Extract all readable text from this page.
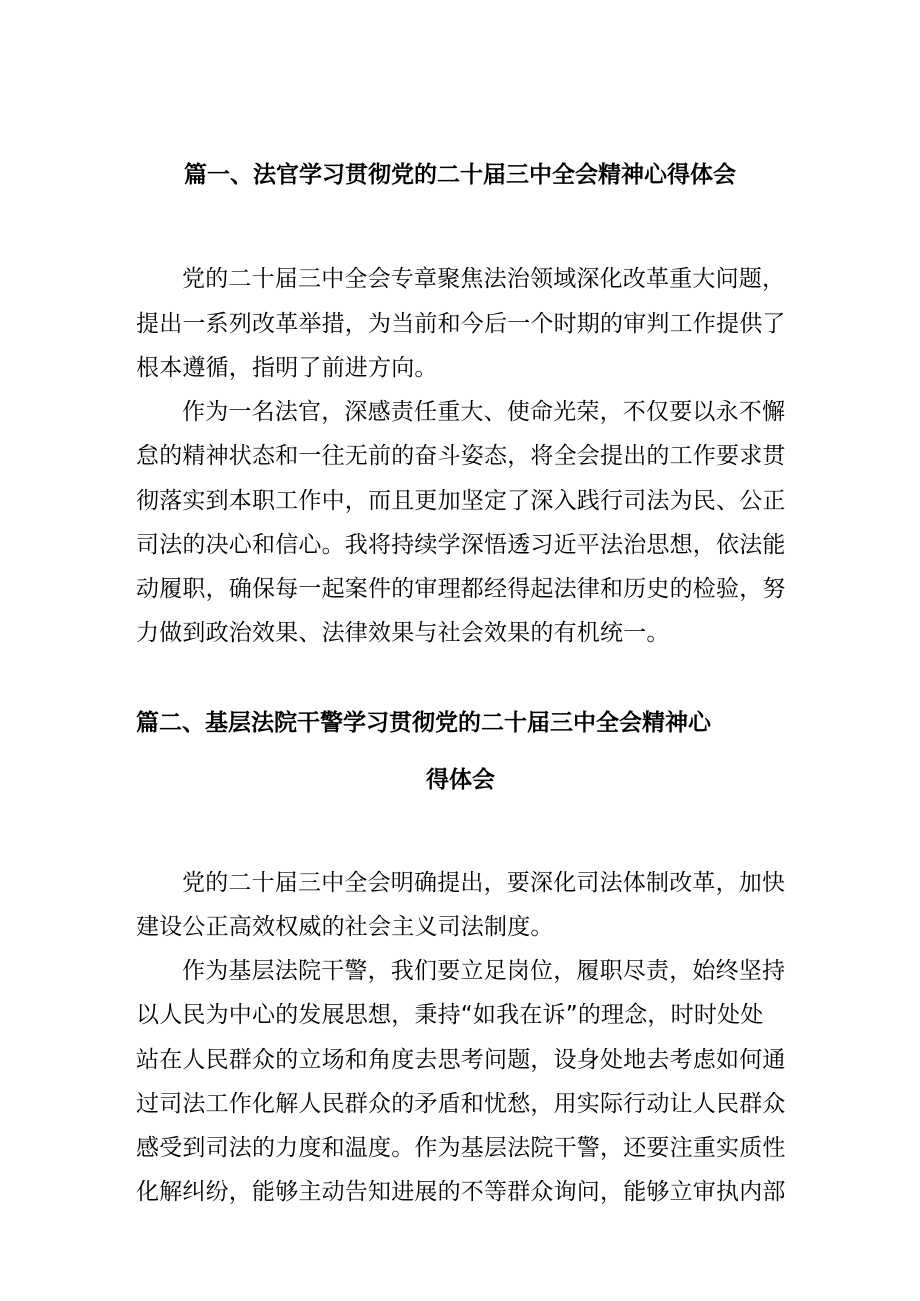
篇一、法官学习贯彻党的二十届三中全会精神心得体会
党的二十届三中全会专章聚焦法治领域深化改革重大问题，
提出一系列改革举措，为当前和今后一个时期的审判工作提供了
根本遵循，指明了前进方向。
作为一名法官，深感责任重大、使命光荣，不仅要以永不懈
怠的精神状态和一往无前的奋斗姿态，将全会提出的工作要求贯
彻落实到本职工作中，而且更加坚定了深入践行司法为民、公正
司法的决心和信心。我将持续学深悟透习近平法治思想，依法能
动履职，确保每一起案件的审理都经得起法律和历史的检验，努
力做到政治效果、法律效果与社会效果的有机统一。
篇二、基层法院干警学习贯彻党的二十届三中全会精神心
得体会
党的二十届三中全会明确提出，要深化司法体制改革，加快
建设公正高效权威的社会主义司法制度。
作为基层法院干警，我们要立足岗位，履职尽责，始终坚持
以人民为中心的发展思想，秉持“如我在诉”的理念，时时处处
站在人民群众的立场和角度去思考问题，设身处地去考虑如何通
过司法工作化解人民群众的矛盾和忧愁，用实际行动让人民群众
感受到司法的力度和温度。作为基层法院干警，还要注重实质性
化解纠纷，能够主动告知进展的不等群众询问，能够立审执内部
